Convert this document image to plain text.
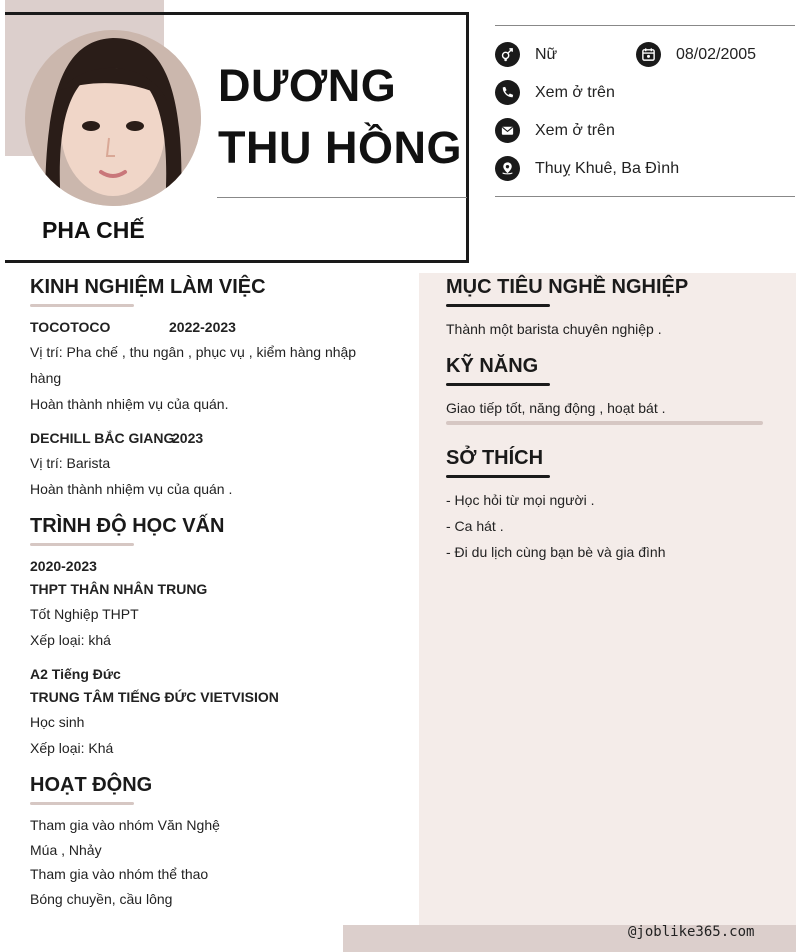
DƯƠNG
THU HỒNG
PHA CHẾ
Nữ	08/02/2005
Xem ở trên
Xem ở trên
Thuỵ Khuê, Ba Đình
KINH NGHIỆM LÀM VIỆC
TOCOTOCO	2022-2023
Vị trí: Pha chế , thu ngân , phục vụ , kiểm hàng nhập hàng
Hoàn thành nhiệm vụ của quán.
DECHILL BẮC GIANG
2023
Vị trí: Barista
Hoàn thành nhiệm vụ của quán .
TRÌNH ĐỘ HỌC VẤN
2020-2023
THPT THÂN NHÂN TRUNG
Tốt Nghiệp THPT
Xếp loại: khá
A2 Tiếng Đức
TRUNG TÂM TIẾNG ĐỨC VIETVISION
Học sinh
Xếp loại: Khá
HOẠT ĐỘNG
Tham gia vào nhóm Văn Nghệ
Múa , Nhảy
Tham gia vào nhóm thể thao
Bóng chuyền, cầu lông
MỤC TIÊU NGHỀ NGHIỆP
Thành một barista chuyên nghiệp .
KỸ NĂNG
Giao tiếp tốt, năng động , hoạt bát .
SỞ THÍCH
- Học hỏi từ mọi người .
- Ca hát .
- Đi du lịch cùng bạn bè và gia đình
@joblike365.com
